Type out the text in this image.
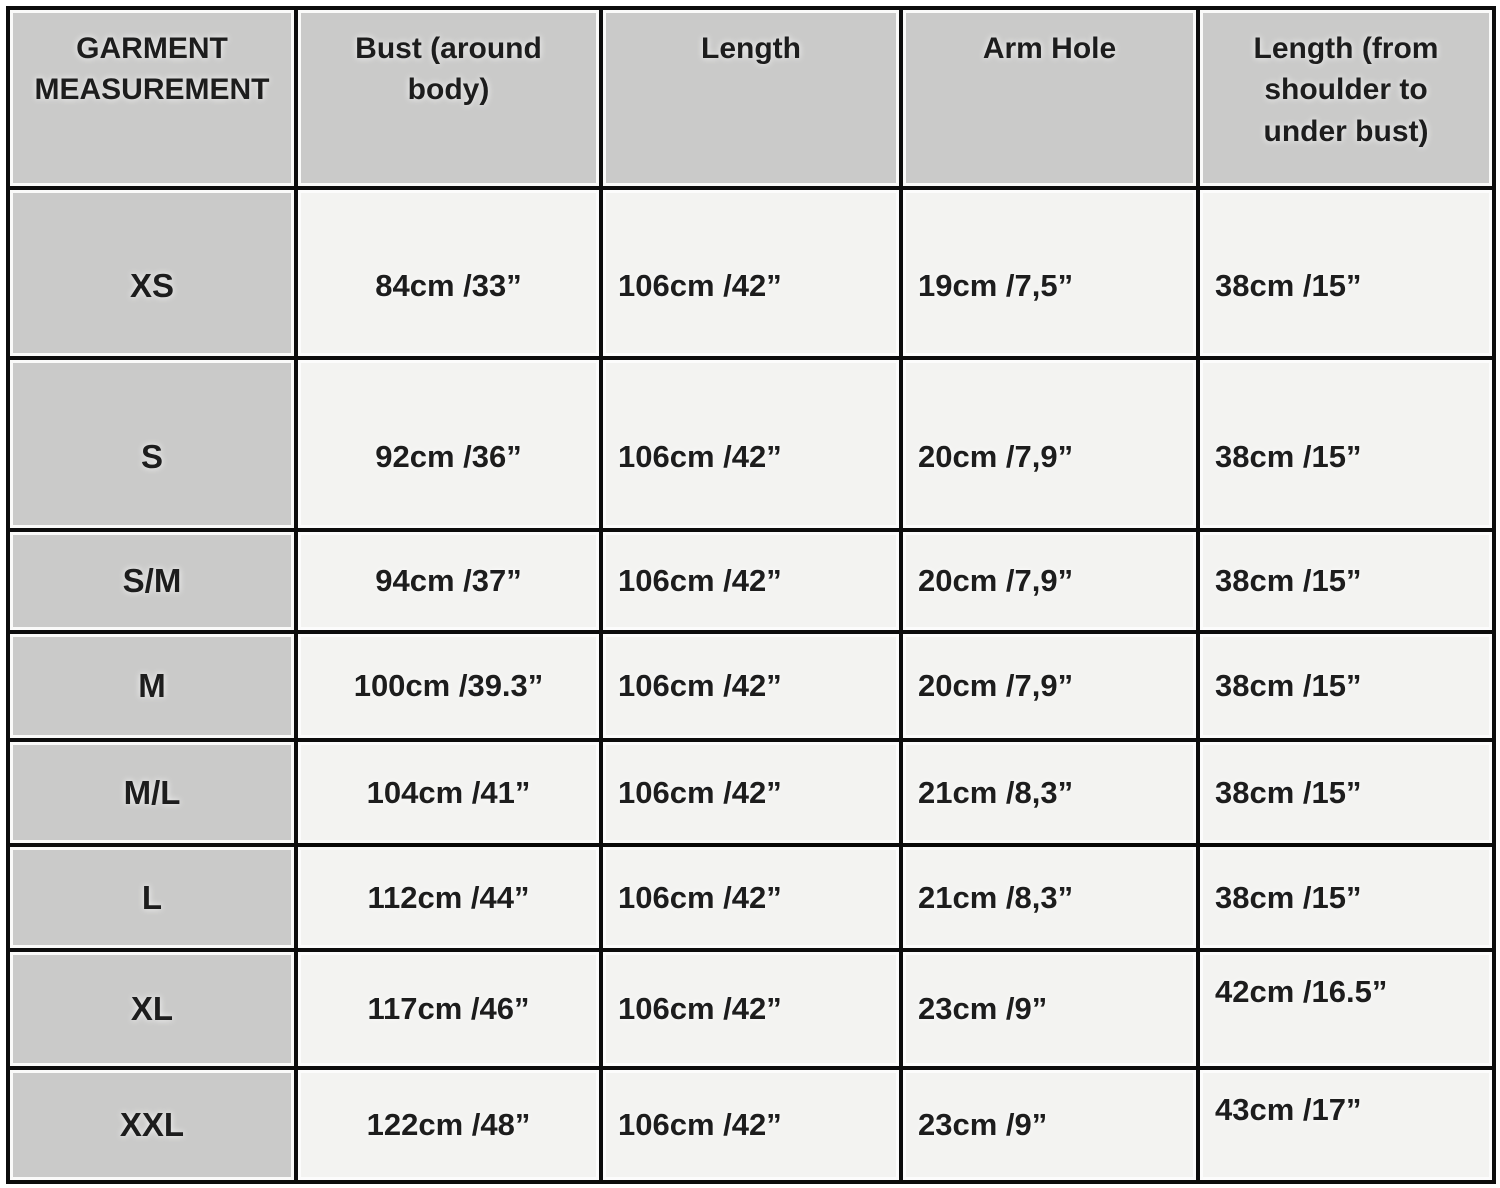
GARMENT MEASUREMENT	Bust (around body)	Length	Arm Hole	Length (from shoulder to under bust)
XS	84cm /33”	106cm /42”	19cm /7,5”	38cm /15”
S	92cm /36”	106cm /42”	20cm /7,9”	38cm /15”
S/M	94cm /37”	106cm /42”	20cm /7,9”	38cm /15”
M	100cm /39.3”	106cm /42”	20cm /7,9”	38cm /15”
M/L	104cm /41”	106cm /42”	21cm /8,3”	38cm /15”
L	112cm /44”	106cm /42”	21cm /8,3”	38cm /15”
XL	117cm /46”	106cm /42”	23cm /9”	42cm /16.5”
XXL	122cm /48”	106cm /42”	23cm /9”	43cm /17”
